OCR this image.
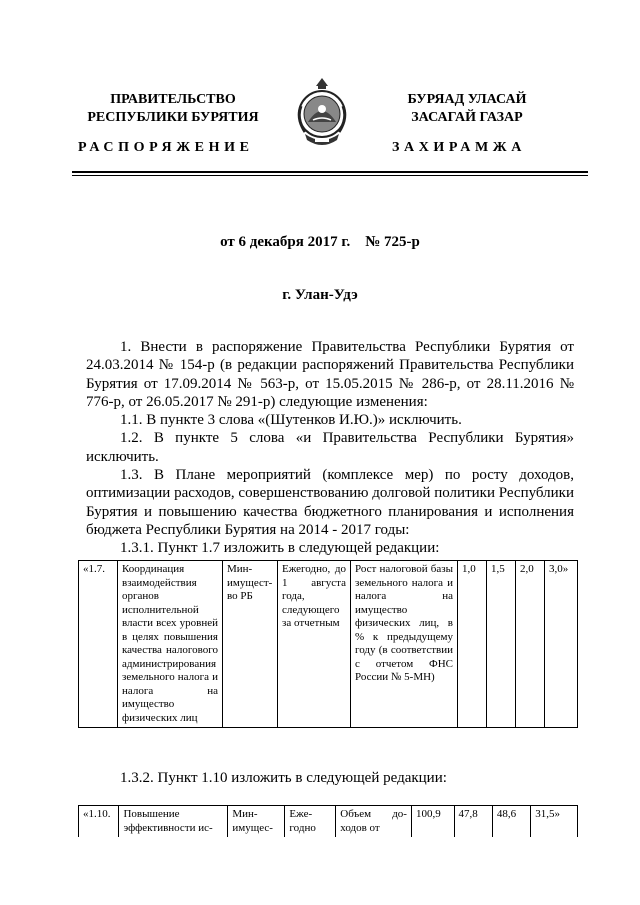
ПРАВИТЕЛЬСТВО
РЕСПУБЛИКИ БУРЯТИЯ
БУРЯАД УЛАСАЙ
ЗАСАГАЙ ГАЗАР
РАСПОРЯЖЕНИЕ	ЗАХИРАМЖА
от 6 декабря 2017 г.    № 725-р
г. Улан-Удэ

1. Внести в распоряжение Правительства Республики Бурятия от 24.03.2014 № 154-р (в редакции распоряжений Правительства Республики Бурятия от 17.09.2014 № 563-р, от 15.05.2015 № 286-р, от 28.11.2016 № 776-р, от 26.05.2017 № 291-р) следующие изменения:

1.1. В пункте 3 слова «(Шутенков И.Ю.)» исключить.

1.2. В пункте 5 слова «и Правительства Республики Бурятия» исключить.

1.3. В Плане мероприятий (комплексе мер) по росту доходов, оптимизации расходов, совершенствованию долговой политики Республики Бурятия и повышению качества бюджетного планирования и исполнения бюджета Республики Бурятия на 2014 - 2017 годы:

1.3.1. Пункт 1.7 изложить в следующей редакции:

«1.7.	Координация взаимодействия органов исполнительной власти всех уровней в целях повышения качества налогового администрирования земельного налога и налога на имущество физических лиц	Мин-имущест-во РБ	Ежегодно, до 1 августа года, следующего за отчетным	Рост налоговой базы земельного налога и налога на имущество физических лиц, в % к предыдущему году (в соответствии с отчетом ФНС России № 5-МН)	1,0	1,5	2,0	3,0»
1.3.2. Пункт 1.10 изложить в следующей редакции:
«1.10.	Повышение эффективности ис-	Мин-имущес-	Еже-годно	Объем до-ходов от	100,9	47,8	48,6	31,5»
